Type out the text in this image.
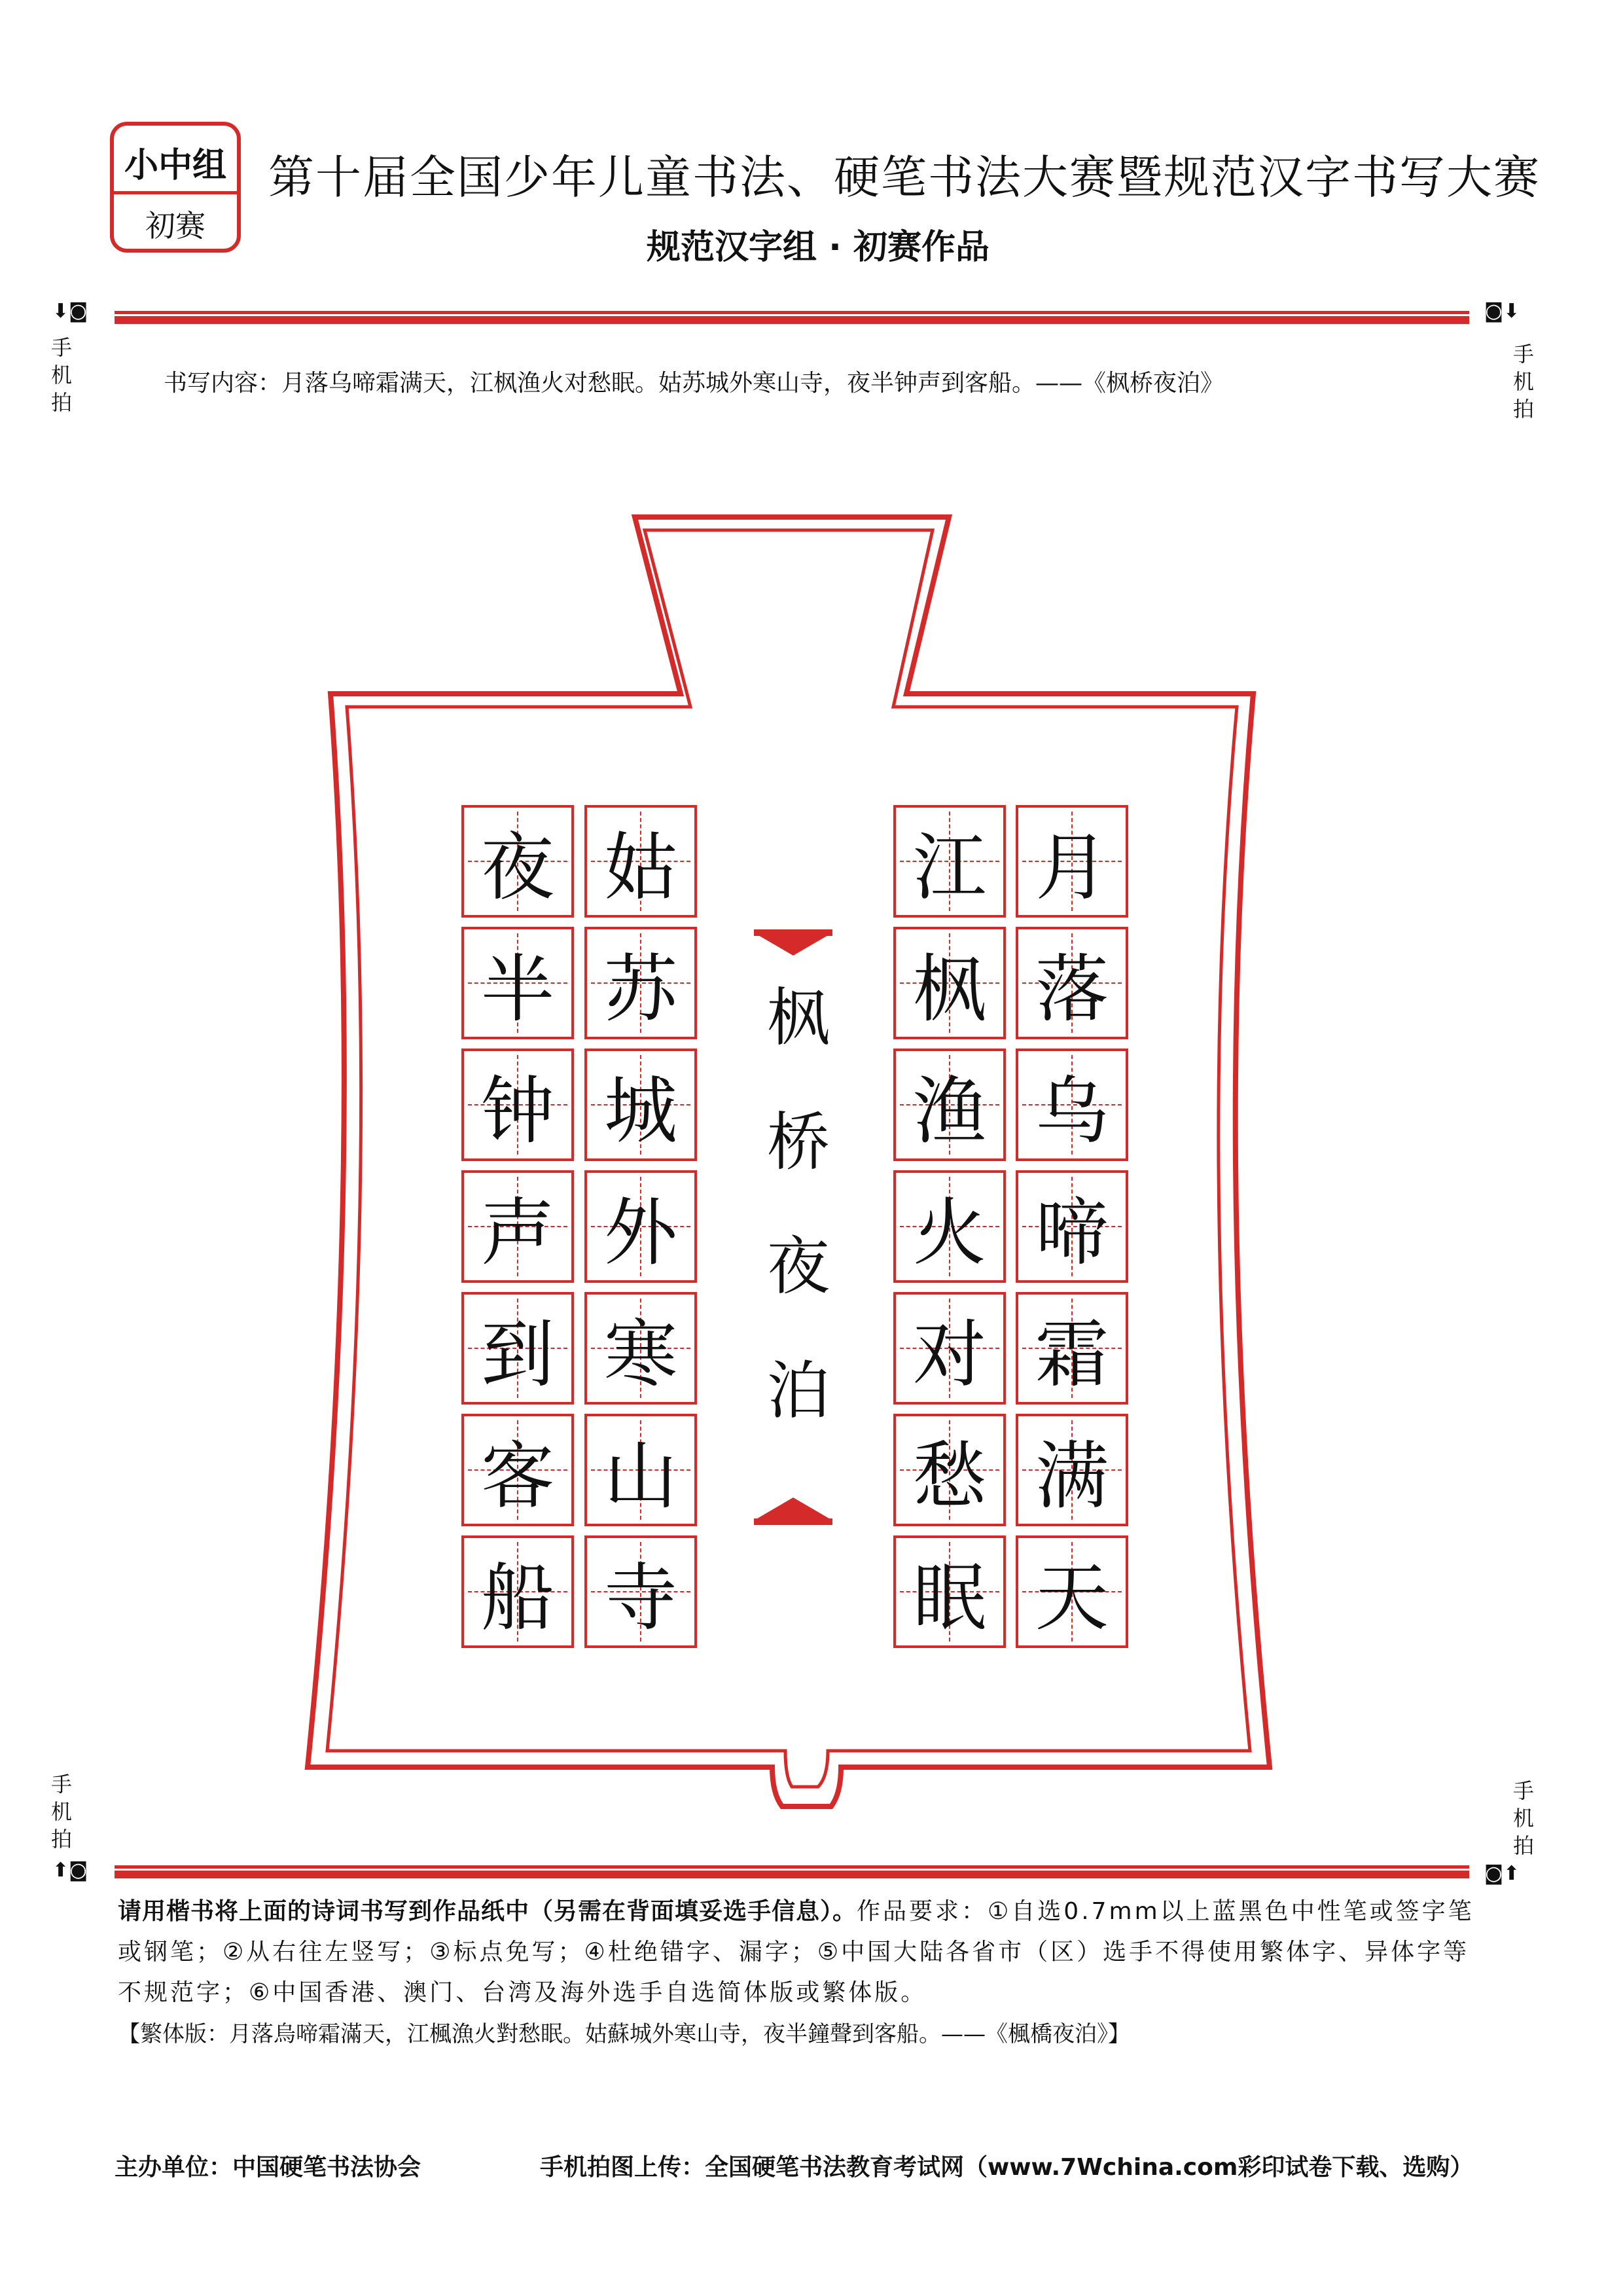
小中组
初赛
第十届全国少年儿童书法、硬笔书法大赛暨规范汉字书写大赛
规范汉字组 · 初赛作品
⬇◙	◙⬇
手
机
拍
手
机
拍
书写内容：月落乌啼霜满天，江枫渔火对愁眠。姑苏城外寒山寺，夜半钟声到客船。——《枫桥夜泊》
月
落
乌
啼
霜
满
天
江
枫
渔
火
对
愁
眠
枫
桥
夜
泊
姑
苏
城
外
寒
山
寺
夜
半
钟
声
到
客
船
手
机
拍
手
机
拍
⬆◙	◙⬆
请用楷书将上面的诗词书写到作品纸中（另需在背面填妥选手信息）。作品要求：①自选0.7mm以上蓝黑色中性笔或签字笔或钢笔；②从右往左竖写；③标点免写；④杜绝错字、漏字；⑤中国大陆各省市（区）选手不得使用繁体字、异体字等不规范字；⑥中国香港、澳门、台湾及海外选手自选简体版或繁体版。
【繁体版：月落烏啼霜滿天，江楓漁火對愁眠。姑蘇城外寒山寺，夜半鐘聲到客船。——《楓橋夜泊》】
主办单位：中国硬笔书法协会	手机拍图上传：全国硬笔书法教育考试网（www.7Wchina.com彩印试卷下载、选购）
